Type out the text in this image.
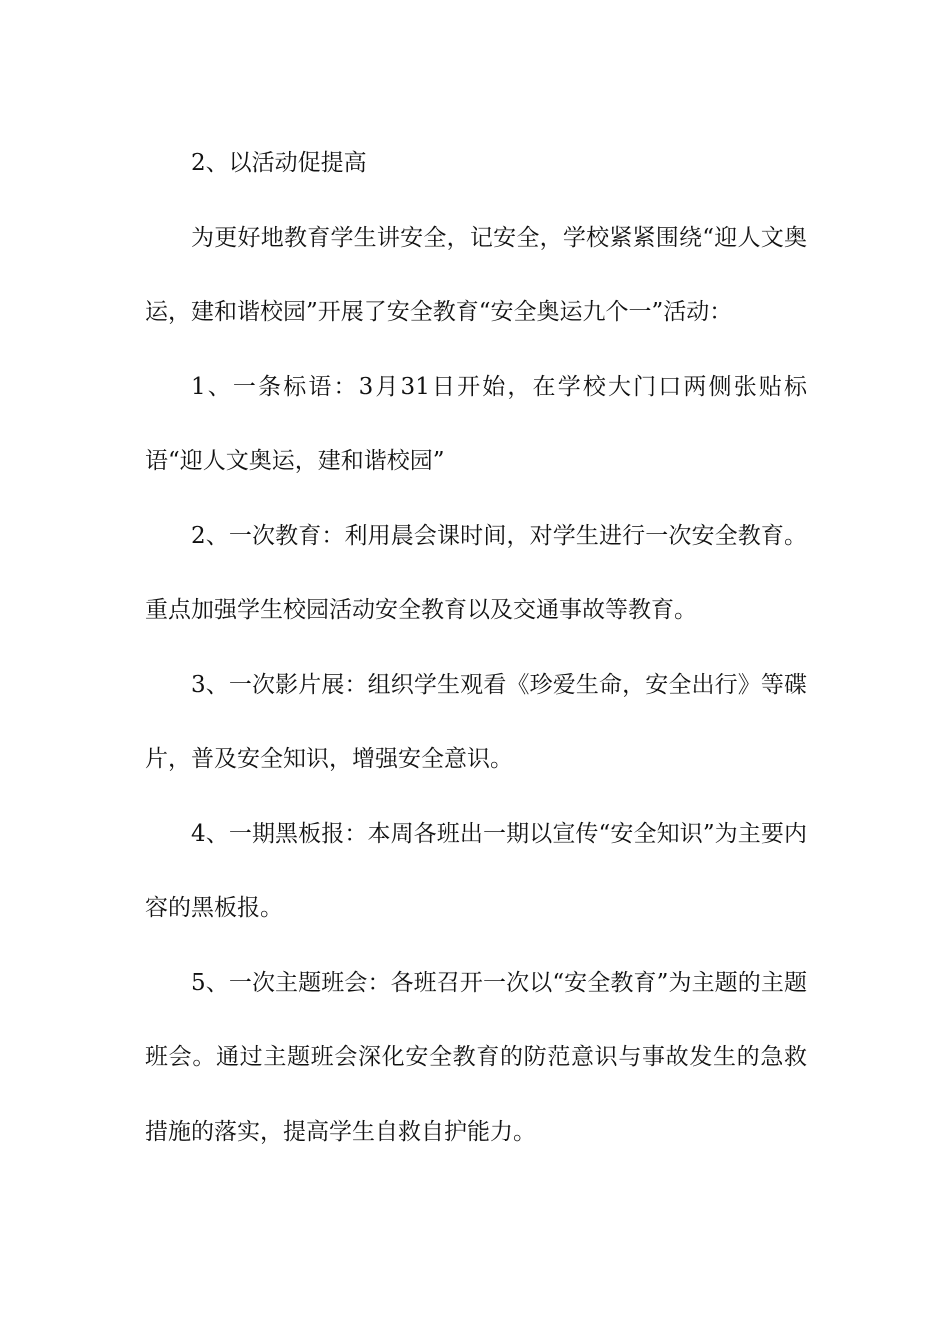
2、以活动促提高

为更好地教育学生讲安全，记安全，学校紧紧围绕“迎人文奥运，建和谐校园”开展了安全教育“安全奥运九个一”活动：

1、一条标语：3月31日开始，在学校大门口两侧张贴标语“迎人文奥运，建和谐校园”

2、一次教育：利用晨会课时间，对学生进行一次安全教育。重点加强学生校园活动安全教育以及交通事故等教育。

3、一次影片展：组织学生观看《珍爱生命，安全出行》等碟片，普及安全知识，增强安全意识。

4、一期黑板报：本周各班出一期以宣传“安全知识”为主要内容的黑板报。

5、一次主题班会：各班召开一次以“安全教育”为主题的主题班会。通过主题班会深化安全教育的防范意识与事故发生的急救措施的落实，提高学生自救自护能力。
